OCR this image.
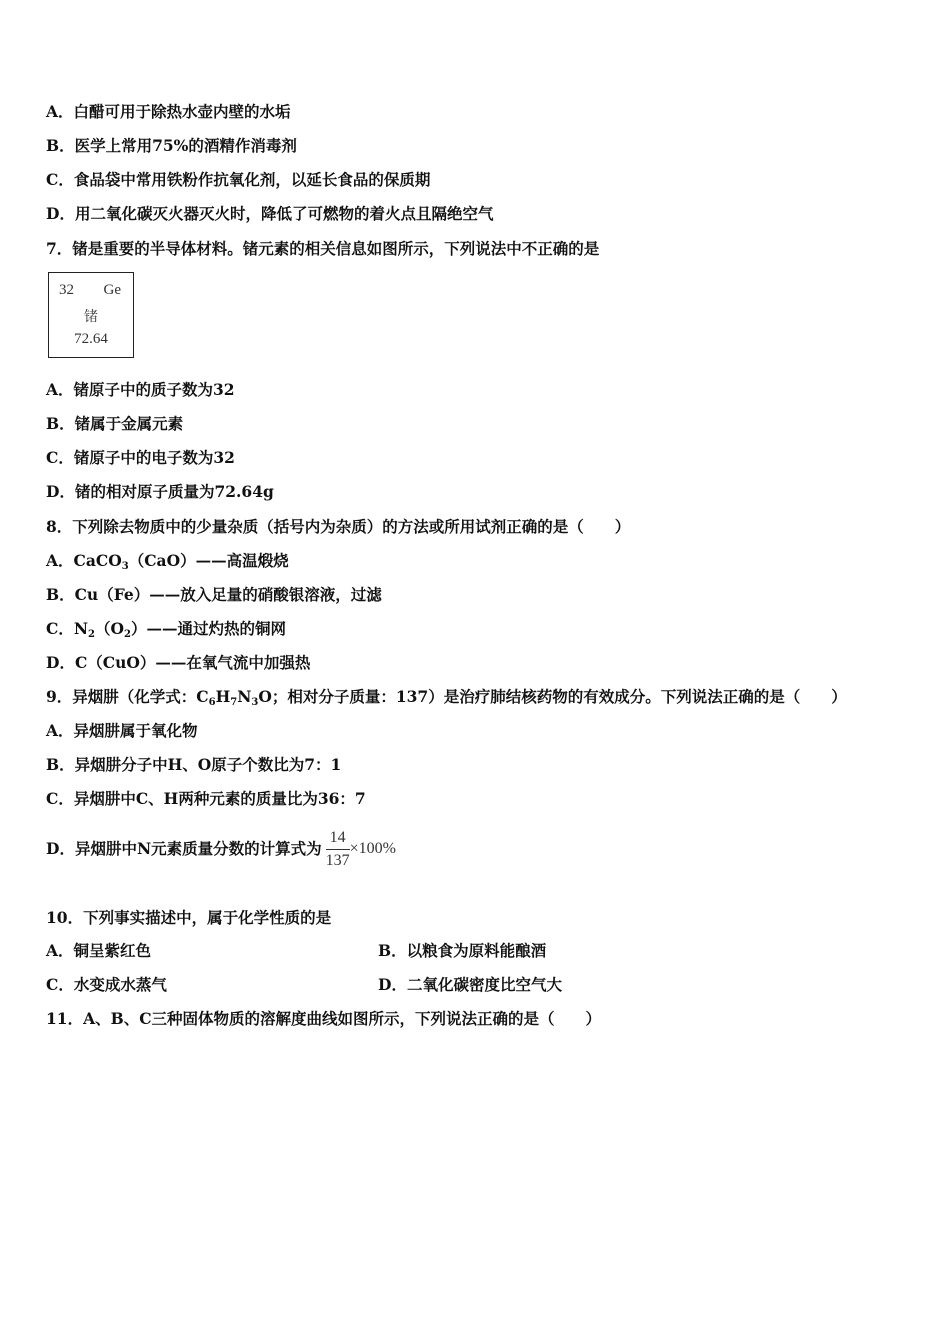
A．白醋可用于除热水壶内壁的水垢
B．医学上常用75%的酒精作消毒剂
C．食品袋中常用铁粉作抗氧化剂，以延长食品的保质期
D．用二氧化碳灭火器灭火时，降低了可燃物的着火点且隔绝空气
7．锗是重要的半导体材料。锗元素的相关信息如图所示，下列说法中不正确的是
32 Ge
锗
72.64
A．锗原子中的质子数为32
B．锗属于金属元素
C．锗原子中的电子数为32
D．锗的相对原子质量为72.64g
8．下列除去物质中的少量杂质（括号内为杂质）的方法或所用试剂正确的是（　　）
A．CaCO$_3$（CaO）——高温煅烧
B．Cu（Fe）——放入足量的硝酸银溶液，过滤
C．$N_2(O_2)——$通过灼热的铜网
D．C（CuO）——在氧气流中加强热
9．异烟肼（化学式：$C_6H_7N_3O$；相对分子质量：137）是治疗肺结核药物的有效成分。下列说法正确的是（　　）
A．异烟肼属于氧化物
B．异烟肼分子中H、O原子个数比为7：1
C．异烟肼中C、H两种元素的质量比为36：7
D．异烟肼中N元素质量分数的计算式为 $\frac{14}{137} \times 100\%$
10．下列事实描述中，属于化学性质的是
A．铜呈紫红色	B．以粮食为原料能酿酒
C．水变成水蒸气	D．二氧化碳密度比空气大
11．A、B、C三种固体物质的溶解度曲线如图所示，下列说法正确的是（　　）
